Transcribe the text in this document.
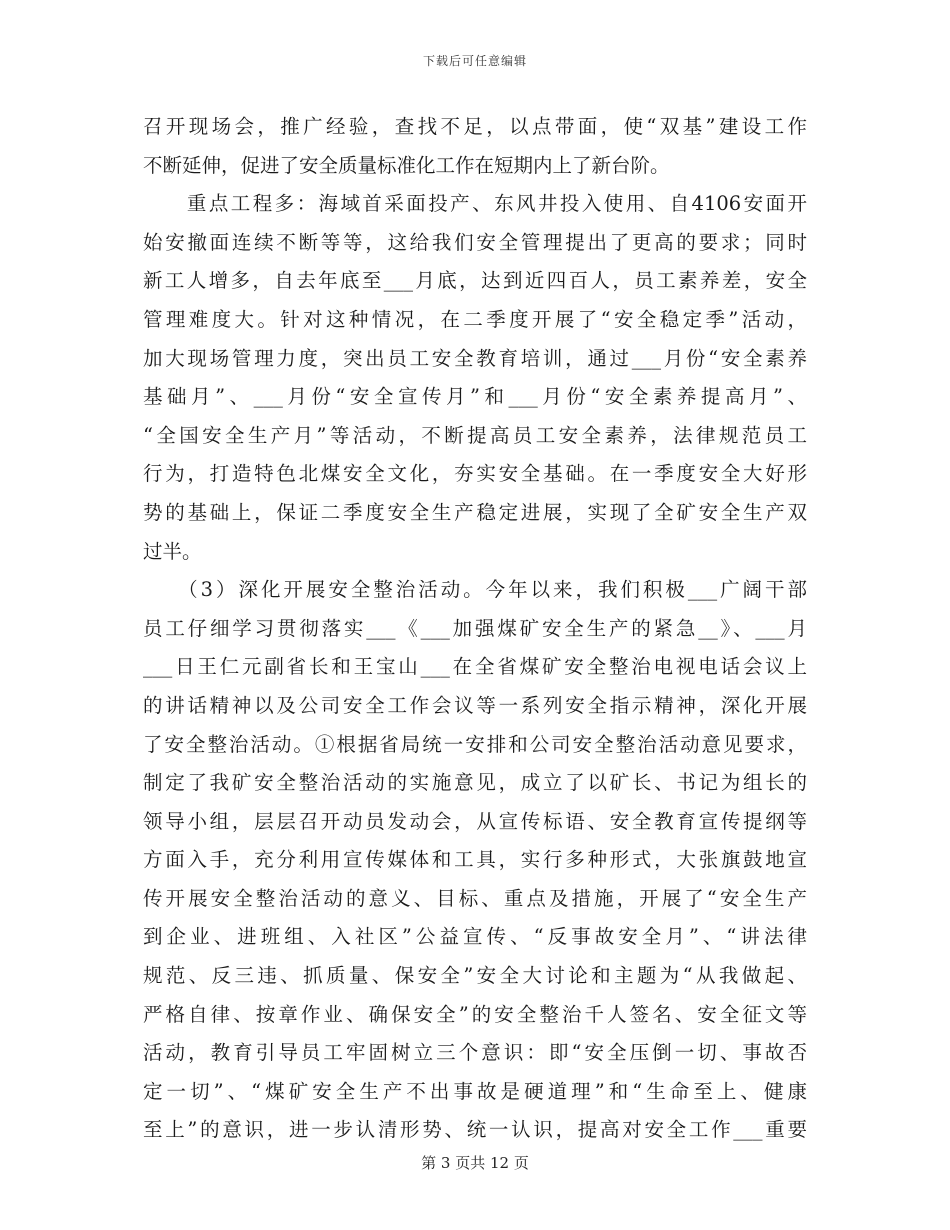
下载后可任意编辑
召开现场会，推广经验，查找不足，以点带面，使“双基”建设工作
不断延伸，促进了安全质量标准化工作在短期内上了新台阶。
　　重点工程多：海域首采面投产、东风井投入使用、自4106安面开
始安撤面连续不断等等，这给我们安全管理提出了更高的要求；同时
新工人增多，自去年底至___月底，达到近四百人，员工素养差，安全
管理难度大。针对这种情况，在二季度开展了“安全稳定季”活动，
加大现场管理力度，突出员工安全教育培训，通过___月份“安全素养
基础月”、___月份“安全宣传月”和___月份“安全素养提高月”、
“全国安全生产月”等活动，不断提高员工安全素养，法律规范员工
行为，打造特色北煤安全文化，夯实安全基础。在一季度安全大好形
势的基础上，保证二季度安全生产稳定进展，实现了全矿安全生产双
过半。
　　（3）深化开展安全整治活动。今年以来，我们积极___广阔干部
员工仔细学习贯彻落实___《___加强煤矿安全生产的紧急__》、___月
___日王仁元副省长和王宝山___在全省煤矿安全整治电视电话会议上
的讲话精神以及公司安全工作会议等一系列安全指示精神，深化开展
了安全整治活动。①根据省局统一安排和公司安全整治活动意见要求，
制定了我矿安全整治活动的实施意见，成立了以矿长、书记为组长的
领导小组，层层召开动员发动会，从宣传标语、安全教育宣传提纲等
方面入手，充分利用宣传媒体和工具，实行多种形式，大张旗鼓地宣
传开展安全整治活动的意义、目标、重点及措施，开展了“安全生产
到企业、进班组、入社区”公益宣传、“反事故安全月”、“讲法律
规范、反三违、抓质量、保安全”安全大讨论和主题为“从我做起、
严格自律、按章作业、确保安全”的安全整治千人签名、安全征文等
活动，教育引导员工牢固树立三个意识：即“安全压倒一切、事故否
定一切”、“煤矿安全生产不出事故是硬道理”和“生命至上、健康
至上”的意识，进一步认清形势、统一认识，提高对安全工作___重要
第 3 页共 12 页
